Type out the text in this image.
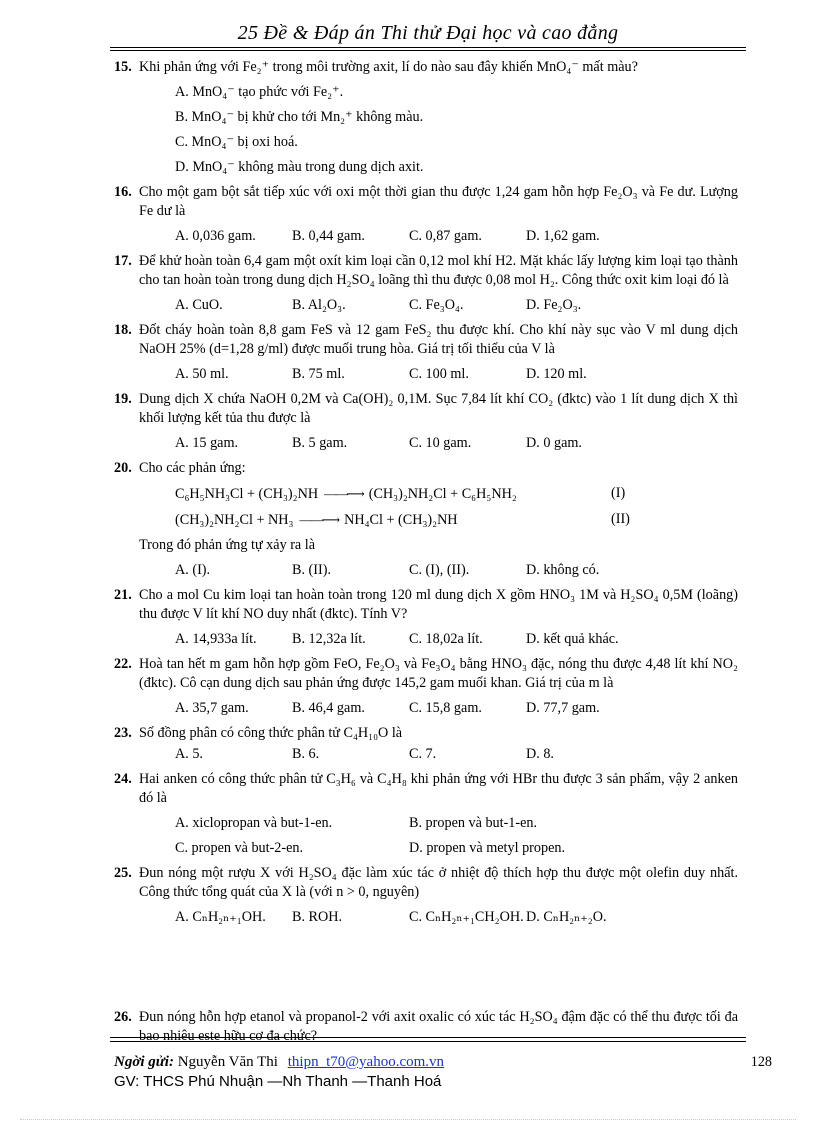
25 Đề & Đáp án Thi thử Đại học và cao đẳng
15. Khi phản ứng với Fe₂⁺ trong môi trường axit, lí do nào sau đây khiến MnO₄⁻ mất màu?
A. MnO₄⁻ tạo phức với Fe₂⁺.
B. MnO₄⁻ bị khử cho tới Mn₂⁺ không màu.
C. MnO₄⁻ bị oxi hoá.
D. MnO₄⁻ không màu trong dung dịch axit.
16. Cho một gam bột sắt tiếp xúc với oxi một thời gian thu được 1,24 gam hỗn hợp Fe₂O₃ và Fe dư. Lượng Fe dư là
A. 0,036 gam.	B. 0,44 gam.	C. 0,87 gam.	D. 1,62 gam.
17. Để khử hoàn toàn 6,4 gam một oxít kim loại cần 0,12 mol khí H2. Mặt khác lấy lượng kim loại tạo thành cho tan hoàn toàn trong dung dịch H₂SO₄ loãng thì thu được 0,08 mol H₂. Công thức oxit kim loại đó là
A. CuO.	B. Al₂O₃.	C. Fe₃O₄.	D. Fe₂O₃.
18. Đốt cháy hoàn toàn 8,8 gam FeS và 12 gam FeS₂ thu được khí. Cho khí này sục vào V ml dung dịch NaOH 25% (d=1,28 g/ml) được muối trung hòa. Giá trị tối thiểu của V là
A. 50 ml.	B. 75 ml.	C. 100 ml.	D. 120 ml.
19. Dung dịch X chứa NaOH 0,2M và Ca(OH)₂ 0,1M. Sục 7,84 lít khí CO₂ (đktc) vào 1 lít dung dịch X thì khối lượng kết tủa thu được là
A. 15 gam.	B. 5 gam.	C. 10 gam.	D. 0 gam.
20. Cho các phản ứng:
C₆H₅NH₃Cl + (CH₃)₂NH ——⟶ (CH₃)₂NH₂Cl + C₆H₅NH₂	(I)
(CH₃)₂NH₂Cl + NH₃ ——⟶ NH₄Cl + (CH₃)₂NH	(II)
Trong đó phản ứng tự xảy ra là
A. (I).	B. (II).	C. (I), (II).	D. không có.
21. Cho a mol Cu kim loại tan hoàn toàn trong 120 ml dung dịch X gồm HNO₃ 1M và H₂SO₄ 0,5M (loãng) thu được V lít khí NO duy nhất (đktc). Tính V?
A. 14,933a lít. B. 12,32a lít.	C. 18,02a lít.	D. kết quả khác.
22. Hoà tan hết m gam hỗn hợp gồm FeO, Fe₂O₃ và Fe₃O₄ bằng HNO₃ đặc, nóng thu được 4,48 lít khí NO₂ (đktc). Cô cạn dung dịch sau phản ứng được 145,2 gam muối khan. Giá trị của m là
A. 35,7 gam.	B. 46,4 gam.	C. 15,8 gam.	D. 77,7 gam.
23. Số đồng phân có công thức phân tử C₄H₁₀O là
A. 5.	B. 6.	C. 7.	D. 8.
24. Hai anken có công thức phân tử C₃H₆ và C₄H₈ khi phản ứng với HBr thu được 3 sản phẩm, vậy 2 anken đó là
A. xiclopropan và but-1-en.	B. propen và but-1-en.
C. propen và but-2-en.	D. propen và metyl propen.
25. Đun nóng một rượu X với H₂SO₄ đặc làm xúc tác ở nhiệt độ thích hợp thu được một olefin duy nhất. Công thức tổng quát của X là (với n > 0, nguyên)
A. CₙH₂ₙ₊₁OH. B. ROH.	C. CₙH₂ₙ₊₁CH₂OH. D. CₙH₂ₙ₊₂O.
26. Đun nóng hỗn hợp etanol và propanol-2 với axit oxalic có xúc tác H₂SO₄ đậm đặc có thể thu được tối đa bao nhiêu este hữu cơ đa chức?
Ngời gửi: Nguyễn Văn Thi thipn_t70@yahoo.com.vn	128
GV: THCS Phú Nhuận —Nh Thanh —Thanh Hoá
